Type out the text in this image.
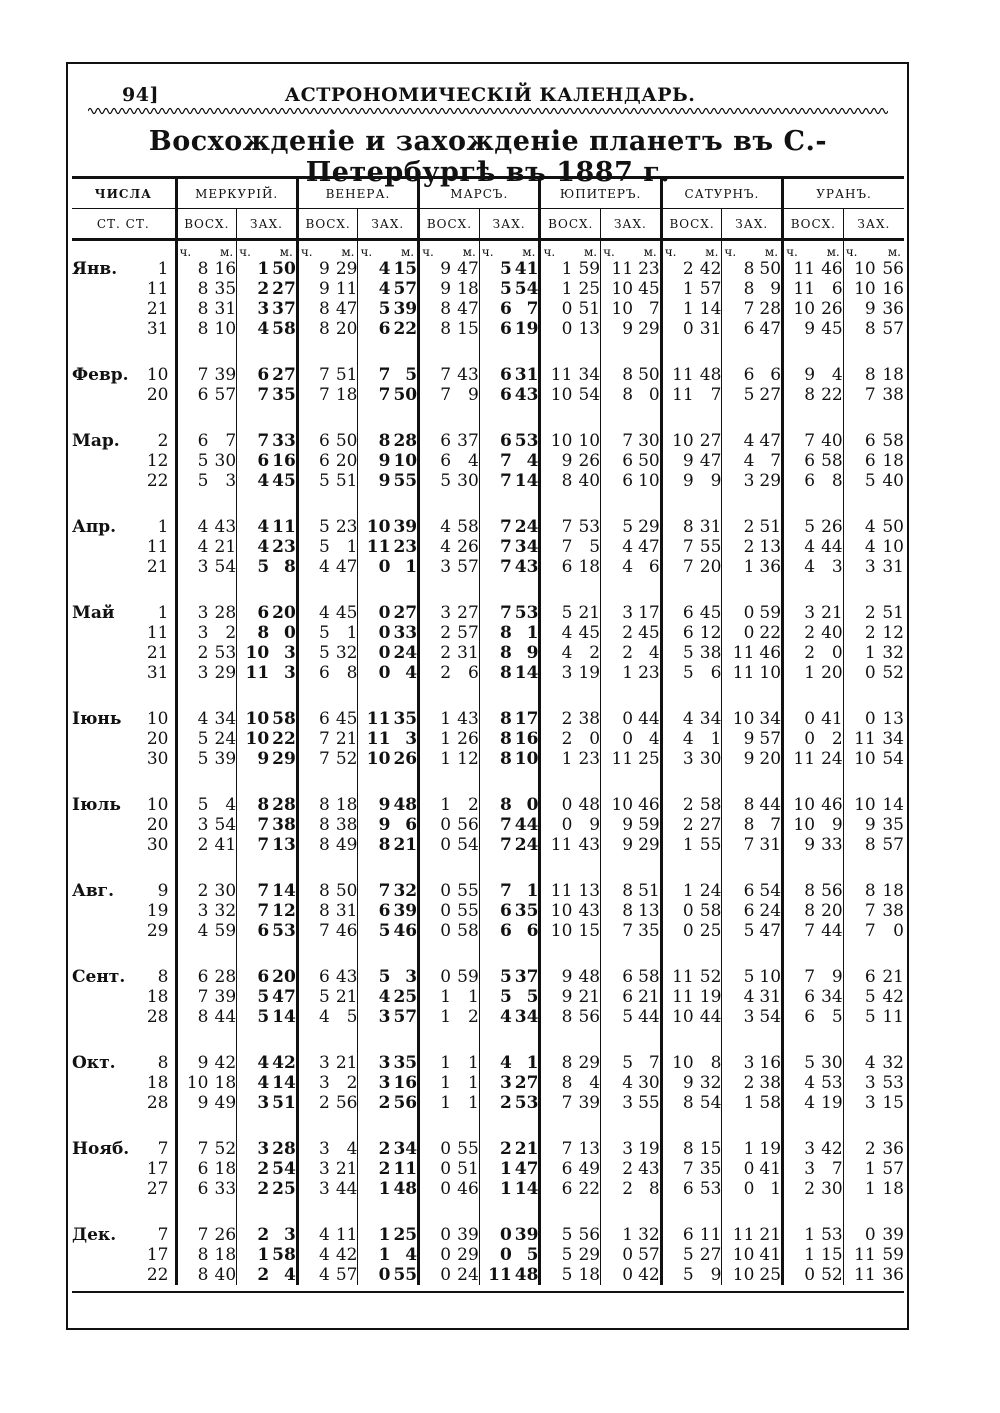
94]	АСТРОНОМИЧЕСКІЙ КАЛЕНДАРЬ.
Восхожденіе и захожденіе планетъ въ С.-Петербургѣ въ 1887 г.

ЧИСЛА	МЕРКУРІЙ.				ВЕНЕРА.				МАРСЪ.				ЮПИТЕРЪ.				САТУРНЪ.				УРАНЪ.			
СТ. СТ.	ВОСХ.		ЗАХ.		ВОСХ.		ЗАХ.		ВОСХ.		ЗАХ.		ВОСХ.		ЗАХ.		ВОСХ.		ЗАХ.		ВОСХ.		ЗАХ.	
	ч.	м.	ч.	м.	ч.	м.	ч.	м.	ч.	м.	ч.	м.	ч.	м.	ч.	м.	ч.	м.	ч.	м.	ч.	м.	ч.	м.
Янв. 1	8	16	1	50	9	29	4	15	9	47	5	41	1	59	11	23	2	42	8	50	11	46	10	56

11	8	35	2	27	9	11	4	57	9	18	5	54	1	25	10	45	1	57	8	9	11	6	10	16

21	8	31	3	37	8	47	5	39	8	47	6	7	0	51	10	7	1	14	7	28	10	26	9	36

31	8	10	4	58	8	20	6	22	8	15	6	19	0	13	9	29	0	31	6	47	9	45	8	57

Февр. 10	7	39	6	27	7	51	7	5	7	43	6	31	11	34	8	50	11	48	6	6	9	4	8	18

20	6	57	7	35	7	18	7	50	7	9	6	43	10	54	8	0	11	7	5	27	8	22	7	38

Мар. 2	6	7	7	33	6	50	8	28	6	37	6	53	10	10	7	30	10	27	4	47	7	40	6	58

12	5	30	6	16	6	20	9	10	6	4	7	4	9	26	6	50	9	47	4	7	6	58	6	18

22	5	3	4	45	5	51	9	55	5	30	7	14	8	40	6	10	9	9	3	29	6	8	5	40

Апр. 1	4	43	4	11	5	23	10	39	4	58	7	24	7	53	5	29	8	31	2	51	5	26	4	50

11	4	21	4	23	5	1	11	23	4	26	7	34	7	5	4	47	7	55	2	13	4	44	4	10

21	3	54	5	8	4	47	0	1	3	57	7	43	6	18	4	6	7	20	1	36	4	3	3	31

Май 1	3	28	6	20	4	45	0	27	3	27	7	53	5	21	3	17	6	45	0	59	3	21	2	51

11	3	2	8	0	5	1	0	33	2	57	8	1	4	45	2	45	6	12	0	22	2	40	2	12

21	2	53	10	3	5	32	0	24	2	31	8	9	4	2	2	4	5	38	11	46	2	0	1	32

31	3	29	11	3	6	8	0	4	2	6	8	14	3	19	1	23	5	6	11	10	1	20	0	52

Іюнь 10	4	34	10	58	6	45	11	35	1	43	8	17	2	38	0	44	4	34	10	34	0	41	0	13

20	5	24	10	22	7	21	11	3	1	26	8	16	2	0	0	4	4	1	9	57	0	2	11	34

30	5	39	9	29	7	52	10	26	1	12	8	10	1	23	11	25	3	30	9	20	11	24	10	54

Іюль 10	5	4	8	28	8	18	9	48	1	2	8	0	0	48	10	46	2	58	8	44	10	46	10	14

20	3	54	7	38	8	38	9	6	0	56	7	44	0	9	9	59	2	27	8	7	10	9	9	35

30	2	41	7	13	8	49	8	21	0	54	7	24	11	43	9	29	1	55	7	31	9	33	8	57

Авг. 9	2	30	7	14	8	50	7	32	0	55	7	1	11	13	8	51	1	24	6	54	8	56	8	18

19	3	32	7	12	8	31	6	39	0	55	6	35	10	43	8	13	0	58	6	24	8	20	7	38

29	4	59	6	53	7	46	5	46	0	58	6	6	10	15	7	35	0	25	5	47	7	44	7	0

Сент. 8	6	28	6	20	6	43	5	3	0	59	5	37	9	48	6	58	11	52	5	10	7	9	6	21

18	7	39	5	47	5	21	4	25	1	1	5	5	9	21	6	21	11	19	4	31	6	34	5	42

28	8	44	5	14	4	5	3	57	1	2	4	34	8	56	5	44	10	44	3	54	6	5	5	11

Окт. 8	9	42	4	42	3	21	3	35	1	1	4	1	8	29	5	7	10	8	3	16	5	30	4	32

18	10	18	4	14	3	2	3	16	1	1	3	27	8	4	4	30	9	32	2	38	4	53	3	53

28	9	49	3	51	2	56	2	56	1	1	2	53	7	39	3	55	8	54	1	58	4	19	3	15

Нояб. 7	7	52	3	28	3	4	2	34	0	55	2	21	7	13	3	19	8	15	1	19	3	42	2	36

17	6	18	2	54	3	21	2	11	0	51	1	47	6	49	2	43	7	35	0	41	3	7	1	57

27	6	33	2	25	3	44	1	48	0	46	1	14	6	22	2	8	6	53	0	1	2	30	1	18

Дек. 7	7	26	2	3	4	11	1	25	0	39	0	39	5	56	1	32	6	11	11	21	1	53	0	39

17	8	18	1	58	4	42	1	4	0	29	0	5	5	29	0	57	5	27	10	41	1	15	11	59

22	8	40	2	4	4	57	0	55	0	24	11	48	5	18	0	42	5	9	10	25	0	52	11	36
